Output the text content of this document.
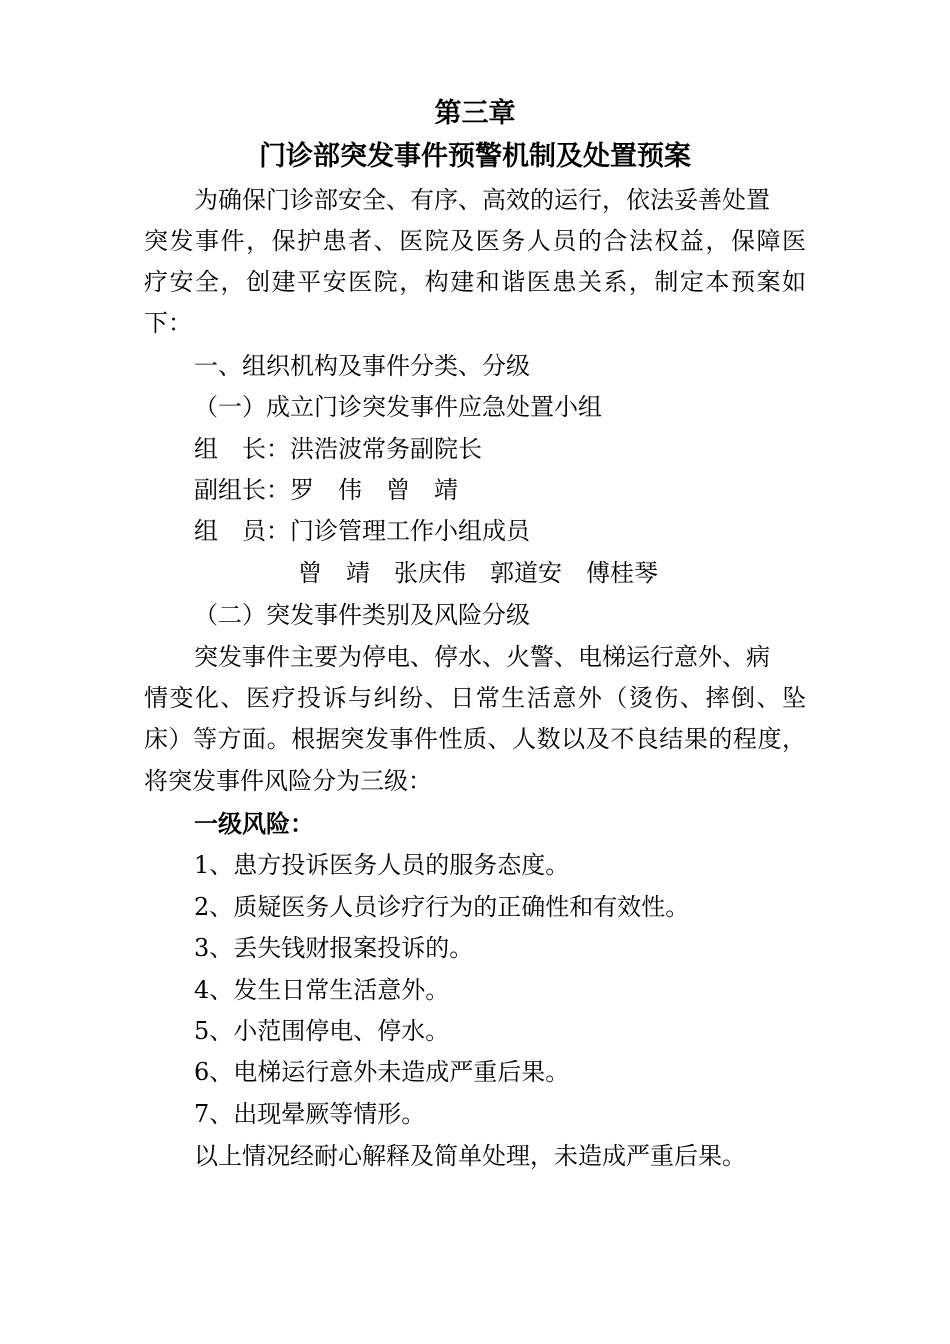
第三章
门诊部突发事件预警机制及处置预案

为确保门诊部安全、有序、高效的运行，依法妥善处置

突发事件，保护患者、医院及医务人员的合法权益，保障医

疗安全，创建平安医院，构建和谐医患关系，制定本预案如

下：

一、组织机构及事件分类、分级

（一）成立门诊突发事件应急处置小组

组　长：洪浩波常务副院长

副组长：罗　伟　曾　靖

组　员：门诊管理工作小组成员

曾　靖　张庆伟　郭道安　傅桂琴

（二）突发事件类别及风险分级

突发事件主要为停电、停水、火警、电梯运行意外、病

情变化、医疗投诉与纠纷、日常生活意外（烫伤、摔倒、坠

床）等方面。根据突发事件性质、人数以及不良结果的程度，

将突发事件风险分为三级：

一级风险：

1、患方投诉医务人员的服务态度。

2、质疑医务人员诊疗行为的正确性和有效性。

3、丢失钱财报案投诉的。

4、发生日常生活意外。

5、小范围停电、停水。

6、电梯运行意外未造成严重后果。

7、出现晕厥等情形。

以上情况经耐心解释及简单处理，未造成严重后果。
